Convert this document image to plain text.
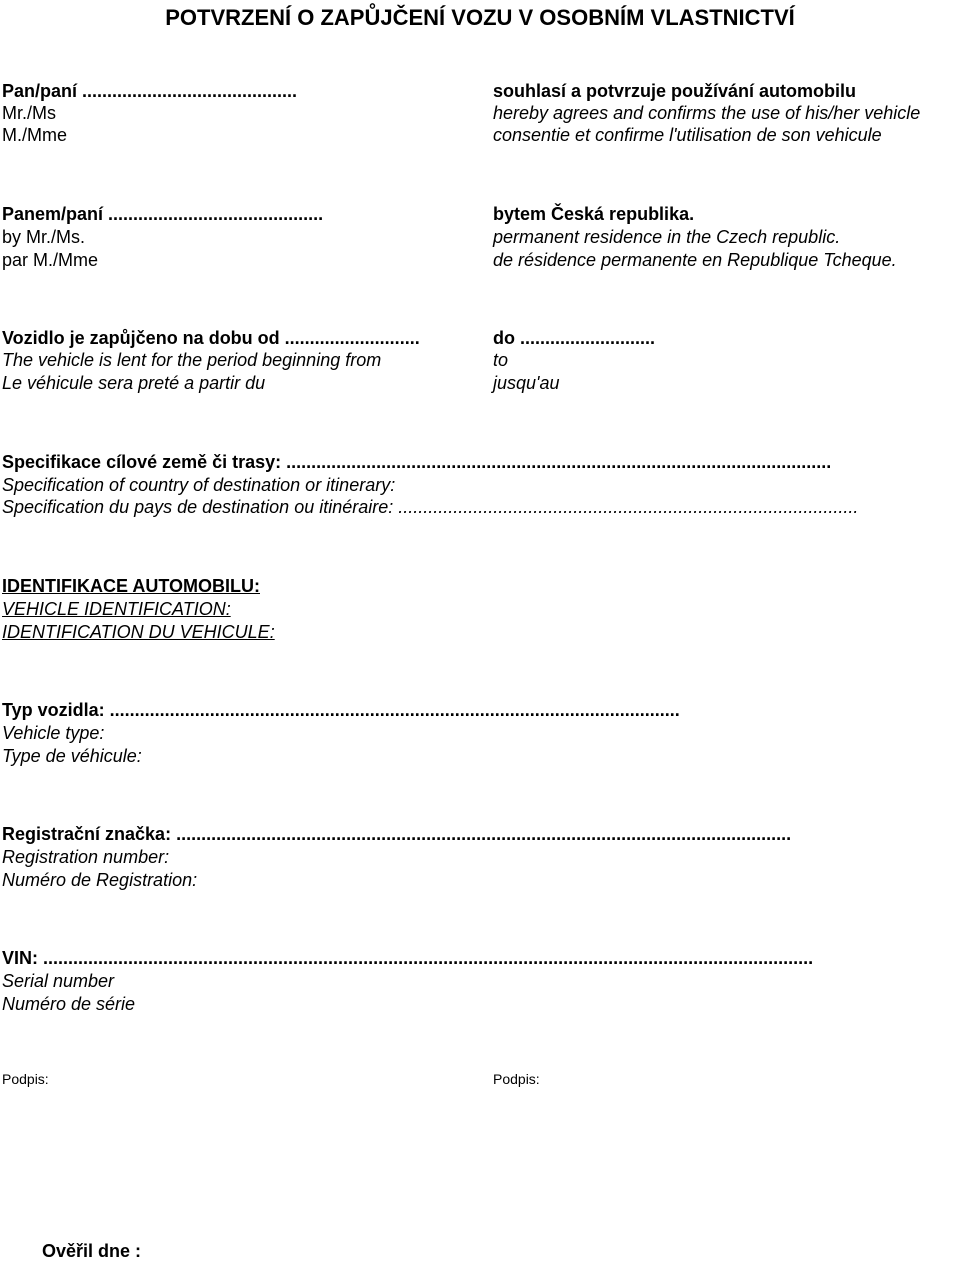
POTVRZENÍ O ZAPŮJČENÍ VOZU V OSOBNÍM VLASTNICTVÍ
Pan/paní ...........................................
Mr./Ms
M./Mme
souhlasí a potvrzuje používání automobilu
hereby agrees and confirms the use of his/her vehicle
consentie et confirme l'utilisation de son vehicule
Panem/paní ...........................................
by Mr./Ms.
par M./Mme
bytem Česká republika.
permanent residence in the Czech republic.
de résidence permanente en Republique Tcheque.
Vozidlo je zapůjčeno na dobu od ...........................
The vehicle is lent for the period beginning from
Le véhicule sera preté a partir du
do ...........................
to
jusqu'au
Specifikace cílové země či trasy: .............................................................................................................
Specification of country of destination or itinerary:
Specification du pays de destination ou itinéraire: ............................................................................................
IDENTIFIKACE AUTOMOBILU:
VEHICLE IDENTIFICATION:
IDENTIFICATION DU VEHICULE:
Typ vozidla: ..................................................................................................................
Vehicle type:
Type de véhicule:
Registrační značka: ...........................................................................................................................
Registration number:
Numéro de Registration:
VIN: ..........................................................................................................................................................
Serial number
Numéro de série
Podpis:	Podpis:
Ověřil dne :
